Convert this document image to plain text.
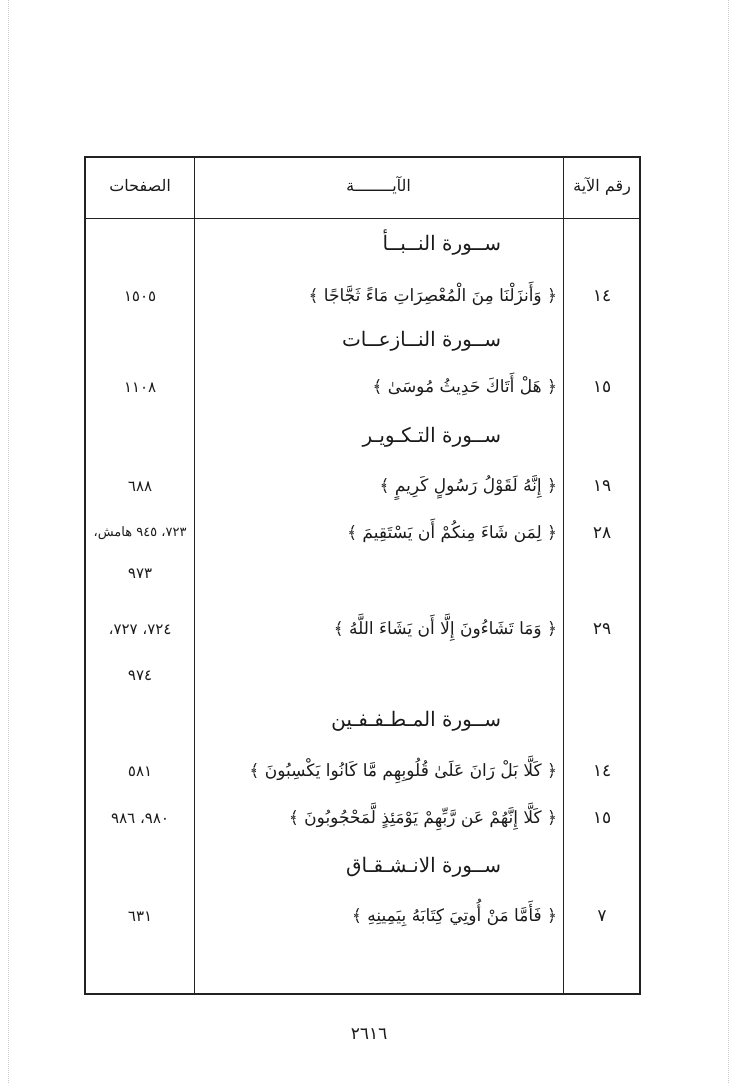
الصفحات	الآيــــــــة	رقم الآية
ســورة النــبــأ
١٥٠٥	﴿ وَأَنزَلْنَا مِنَ الْمُعْصِرَاتِ مَاءً ثَجَّاجًا ﴾	١٤
ســورة النــازعــات
١١٠٨	﴿ هَلْ أَتَاكَ حَدِيثُ مُوسَىٰ ﴾	١٥
ســورة التـكـويـر
٦٨٨	﴿ إِنَّهُ لَقَوْلُ رَسُولٍ كَرِيمٍ ﴾	١٩
٧٢٣، ٩٤٥ هامش،	﴿ لِمَن شَاءَ مِنكُمْ أَن يَسْتَقِيمَ ﴾	٢٨
٩٧٣
٧٢٤، ٧٢٧،	﴿ وَمَا تَشَاءُونَ إِلَّا أَن يَشَاءَ اللَّهُ ﴾	٢٩
٩٧٤
ســورة المـطـفـفـين
٥٨١	﴿ كَلَّا بَلْ رَانَ عَلَىٰ قُلُوبِهِم مَّا كَانُوا يَكْسِبُونَ ﴾	١٤
٩٨٠، ٩٨٦	﴿ كَلَّا إِنَّهُمْ عَن رَّبِّهِمْ يَوْمَئِذٍ لَّمَحْجُوبُونَ ﴾	١٥
ســورة الانـشـقـاق
٦٣١	﴿ فَأَمَّا مَنْ أُوتِيَ كِتَابَهُ بِيَمِينِهِ ﴾	٧
٢٦١٦
